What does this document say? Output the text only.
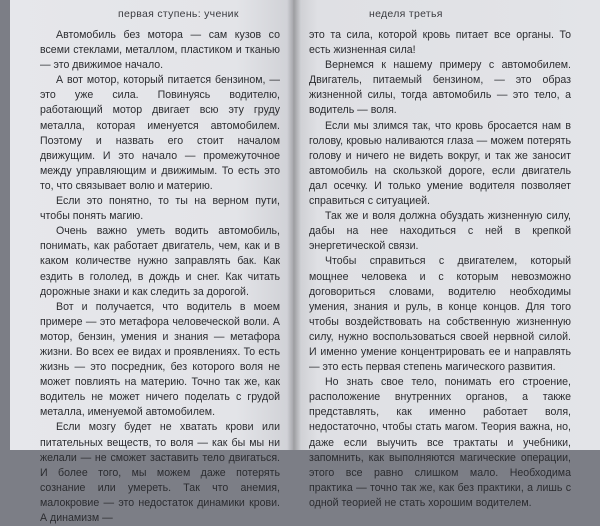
первая ступень: ученик

Автомобиль без мотора — сам кузов со всеми стеклами, металлом, пластиком и тканью — это движимое начало.

А вот мотор, который питается бензином, — это уже сила. Повинуясь водителю, работающий мотор двигает всю эту груду металла, которая именуется автомобилем. Поэтому и назвать его стоит началом движущим. И это начало — промежуточное между управляющим и движимым. То есть это то, что связывает волю и материю.

Если это понятно, то ты на верном пути, чтобы понять магию.

Очень важно уметь водить автомобиль, понимать, как работает двигатель, чем, как и в каком количестве нужно заправлять бак. Как ездить в гололед, в дождь и снег. Как читать дорожные знаки и как следить за дорогой.

Вот и получается, что водитель в моем примере — это метафора человеческой воли. А мотор, бензин, умения и знания — метафора жизни. Во всех ее видах и проявлениях. То есть жизнь — это посредник, без которого воля не может повлиять на материю. Точно так же, как водитель не может ничего поделать с грудой металла, именуемой автомобилем.

Если мозгу будет не хватать крови или питательных веществ, то воля — как бы мы ни желали — не сможет заставить тело двигаться. И более того, мы можем даже потерять сознание или умереть. Так что анемия, малокровие — это недостаток динамики крови. А динамизм —

неделя третья

это та сила, которой кровь питает все органы. То есть жизненная сила!

Вернемся к нашему примеру с автомобилем. Двигатель, питаемый бензином, — это образ жизненной силы, тогда автомобиль — это тело, а водитель — воля.

Если мы злимся так, что кровь бросается нам в голову, кровью наливаются глаза — можем потерять голову и ничего не видеть вокруг, и так же заносит автомобиль на скользкой дороге, если двигатель дал осечку. И только умение водителя позволяет справиться с ситуацией.

Так же и воля должна обуздать жизненную силу, дабы на нее находиться с ней в крепкой энергетической связи.

Чтобы справиться с двигателем, который мощнее человека и с которым невозможно договориться словами, водителю необходимы умения, знания и руль, в конце концов. Для того чтобы воздействовать на собственную жизненную силу, нужно воспользоваться своей нервной силой. И именно умение концентрировать ее и направлять — это есть первая степень магического развития.

Но знать свое тело, понимать его строение, расположение внутренних органов, а также представлять, как именно работает воля, недостаточно, чтобы стать магом. Теория важна, но, даже если выучить все трактаты и учебники, запомнить, как выполняются магические операции, этого все равно слишком мало. Необходима практика — точно так же, как без практики, а лишь с одной теорией не стать хорошим водителем.
